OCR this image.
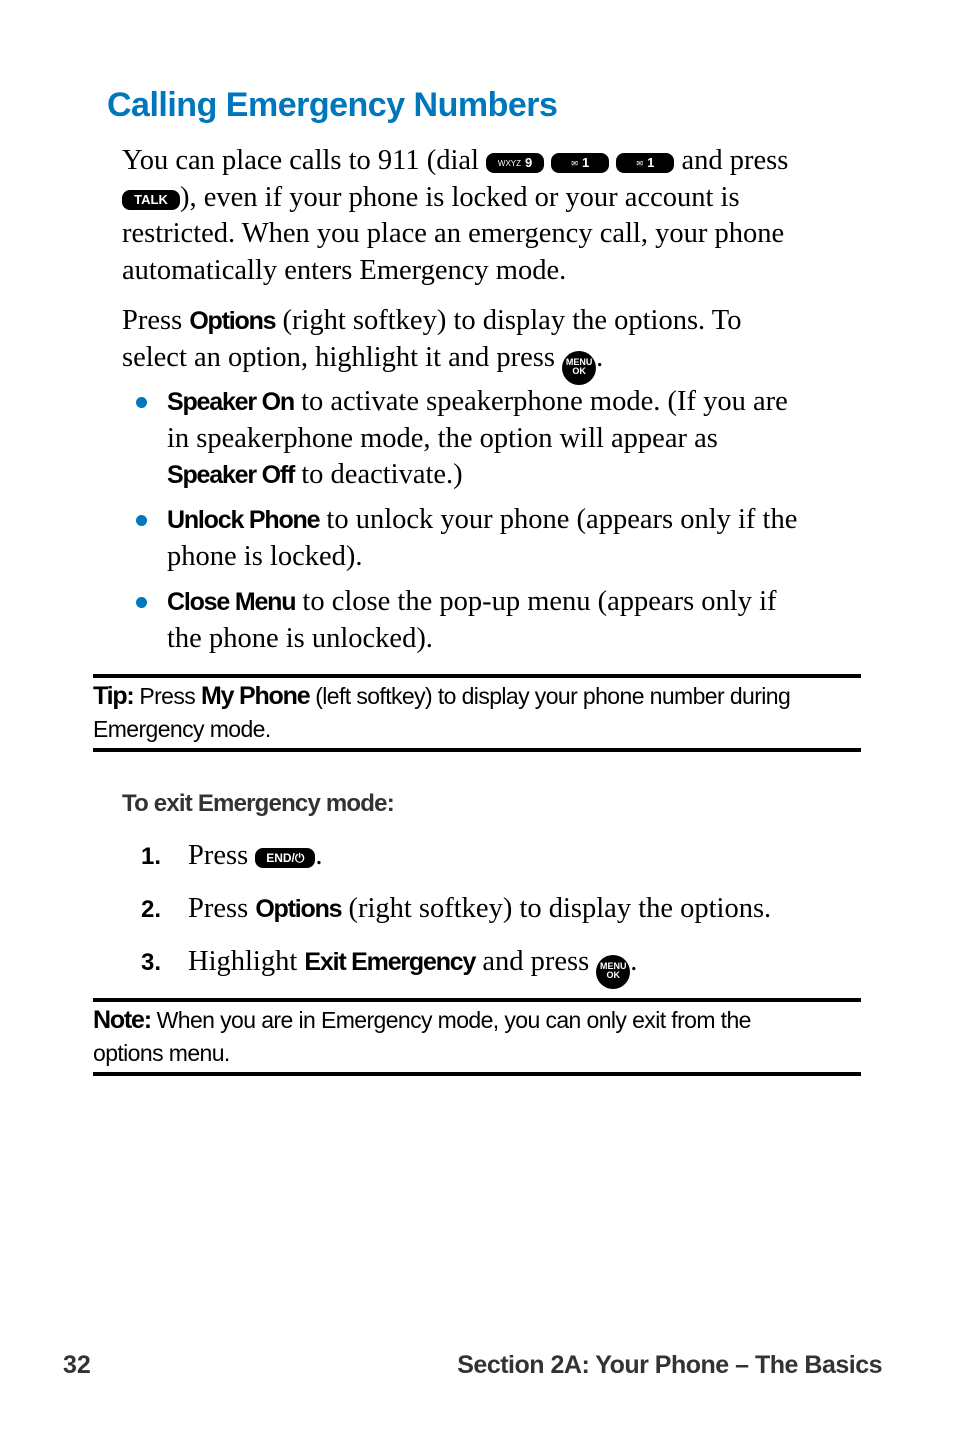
Calling Emergency Numbers
You can place calls to 911 (dial WXYZ 9	✉ 1	✉ 1 and press
TALK ), even if your phone is locked or your account is
restricted. When you place an emergency call, your phone
automatically enters Emergency mode.
Press Options (right softkey) to display the options. To
select an option, highlight it and press MENU
OK .
Speaker On to activate speakerphone mode. (If you are
in speakerphone mode, the option will appear as
Speaker Off to deactivate.)
Unlock Phone to unlock your phone (appears only if the
phone is locked).
Close Menu to close the pop-up menu (appears only if
the phone is unlocked).
Tip: Press My Phone (left softkey) to display your phone number during
Emergency mode.
To exit Emergency mode:
1. Press END/⏻ .
2. Press Options (right softkey) to display the options.
3. Highlight Exit Emergency and press MENU
OK .
Note: When you are in Emergency mode, you can only exit from the
options menu.
32	Section 2A: Your Phone – The Basics
